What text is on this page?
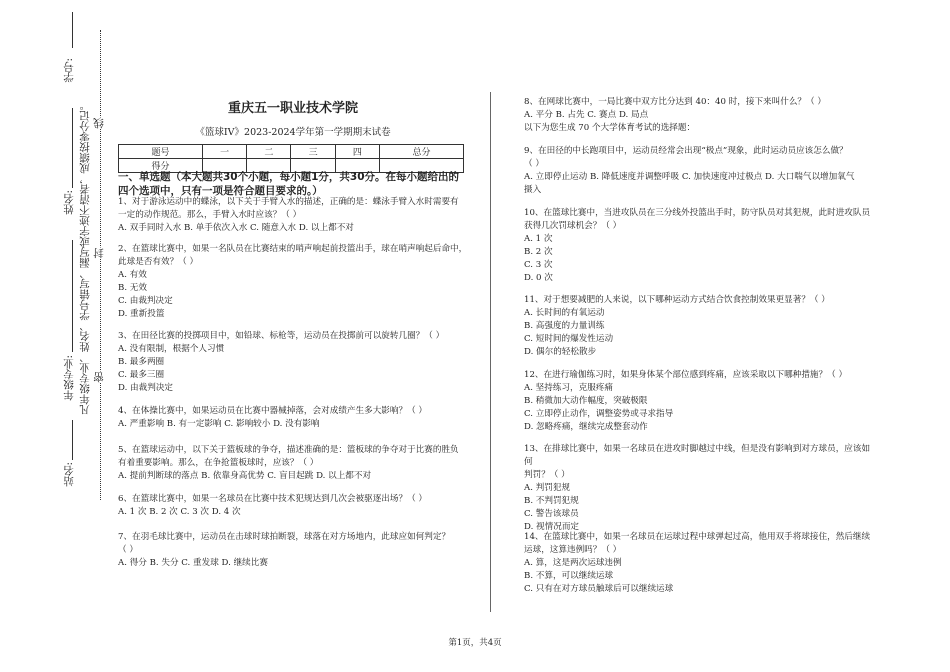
学号:
姓名:
年级专业:
站名:
凡年级专业、姓名、学号错写、漏写或字迹不清者，成绩按零分记。 线
封
密
重庆五一职业技术学院
《篮球IV》2023-2024学年第一学期期末试卷
题号	一	二	三	四	总分
得分					
一、单选题（本大题共30个小题，每小题1分，共30分。在每小题给出的四个选项中，只有一项是符合题目要求的。）

1、对于游泳运动中的蝶泳，以下关于手臂入水的描述，正确的是：蝶泳手臂入水时需要有

一定的动作规范。那么，手臂入水时应该？（ ）

A. 双手同时入水 B. 单手依次入水 C. 随意入水 D. 以上都不对

2、在篮球比赛中，如果一名队员在比赛结束的哨声响起前投篮出手，球在哨声响起后命中，

此球是否有效？（ ）

A. 有效

B. 无效

C. 由裁判决定

D. 重新投篮

3、在田径比赛的投掷项目中，如铅球、标枪等，运动员在投掷前可以旋转几圈？（ ）

A. 没有限制，根据个人习惯

B. 最多两圈

C. 最多三圈

D. 由裁判决定

4、在体操比赛中，如果运动员在比赛中器械掉落，会对成绩产生多大影响？（ ）

A. 严重影响 B. 有一定影响 C. 影响较小 D. 没有影响

5、在篮球运动中，以下关于篮板球的争夺，描述准确的是：篮板球的争夺对于比赛的胜负

有着重要影响。那么，在争抢篮板球时，应该？（ ）

A. 提前判断球的落点 B. 依靠身高优势 C. 盲目起跳 D. 以上都不对

6、在篮球比赛中，如果一名球员在比赛中技术犯规达到几次会被驱逐出场？（ ）

A. 1 次 B. 2 次 C. 3 次 D. 4 次

7、在羽毛球比赛中，运动员在击球时球拍断裂，球落在对方场地内，此球应如何判定？

（ ）

A. 得分 B. 失分 C. 重发球 D. 继续比赛

8、在网球比赛中，一局比赛中双方比分达到 40：40 时，接下来叫什么？（ ）

A. 平分 B. 占先 C. 赛点 D. 局点

以下为您生成 70 个大学体育考试的选择题：

9、在田径的中长跑项目中，运动员经常会出现“极点”现象，此时运动员应该怎么做？

（ ）

A. 立即停止运动 B. 降低速度并调整呼吸 C. 加快速度冲过极点 D. 大口喘气以增加氧气

摄入

10、在篮球比赛中，当进攻队员在三分线外投篮出手时，防守队员对其犯规，此时进攻队员

获得几次罚球机会？（ ）

A. 1 次

B. 2 次

C. 3 次

D. 0 次

11、对于想要减肥的人来说，以下哪种运动方式结合饮食控制效果更显著？（ ）

A. 长时间的有氧运动

B. 高强度的力量训练

C. 短时间的爆发性运动

D. 偶尔的轻松散步

12、在进行瑜伽练习时，如果身体某个部位感到疼痛，应该采取以下哪种措施？（ ）

A. 坚持练习，克服疼痛

B. 稍微加大动作幅度，突破极限

C. 立即停止动作，调整姿势或寻求指导

D. 忽略疼痛，继续完成整套动作

13、在排球比赛中，如果一名球员在进攻时脚越过中线，但是没有影响到对方球员，应该如何

判罚？（ ）

A. 判罚犯规

B. 不判罚犯规

C. 警告该球员

D. 视情况而定

14、在篮球比赛中，如果一名球员在运球过程中球弹起过高，他用双手将球接住，然后继续

运球，这算违例吗？（ ）

A. 算，这是两次运球违例

B. 不算，可以继续运球

C. 只有在对方球员触球后可以继续运球

第1页，共4页
